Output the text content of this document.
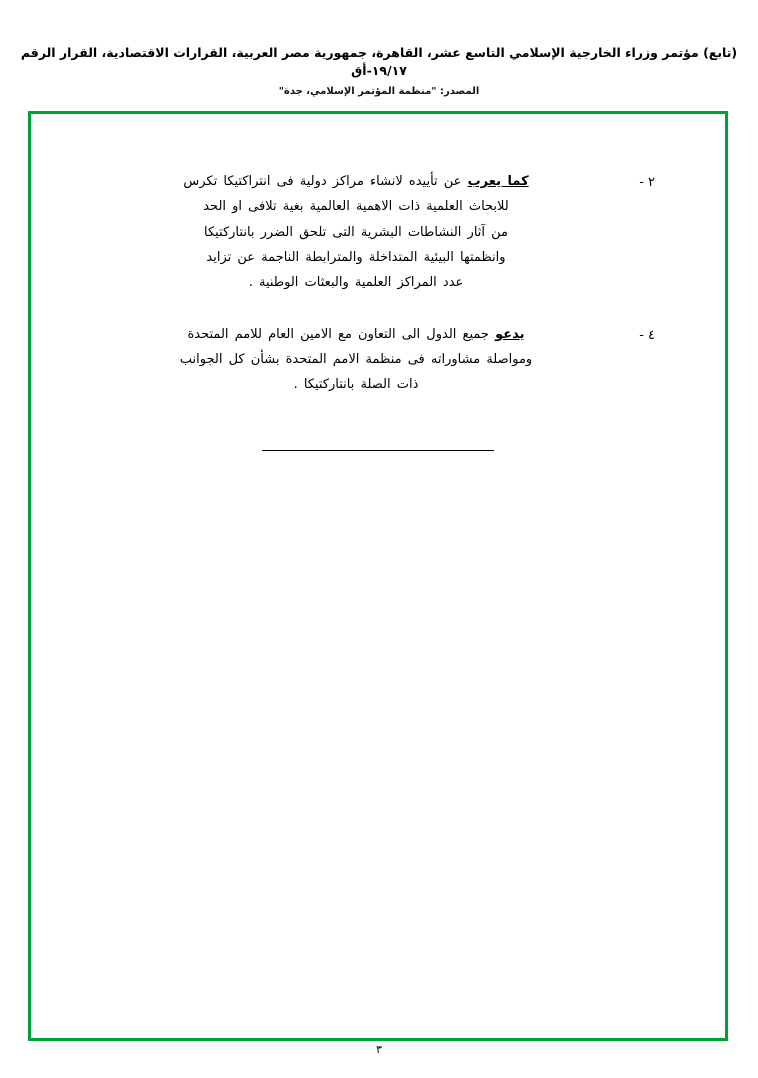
(تابع) مؤتمر وزراء الخارجية الإسلامي التاسع عشر، القاهرة، جمهورية مصر العربية، القرارات الاقتصادية، القرار الرقم ١٩/١٧-أق
المصدر: "منظمة المؤتمر الإسلامي، جدة"
٢ -
كما يعرب عن تأييده لانشاء مراكز دولية فى انتراكتيكا تكرس
للابحاث العلمية ذات الاهمية العالمية بغية تلافى او الحد
من آثار النشاطات البشرية التى تلحق الضرر بانتاركتيكا
وانظمتها البيئية المتداخلة والمترابطة الناجمة عن تزايد
عدد المراكز العلمية والبعثات الوطنية .
٤ -
يدعو جميع الدول الى التعاون مع الامين العام للامم المتحدة
ومواصلة مشاوراته فى منظمة الامم المتحدة بشأن كل الجوانب
ذات الصلة بانتاركتيكا .
٣
